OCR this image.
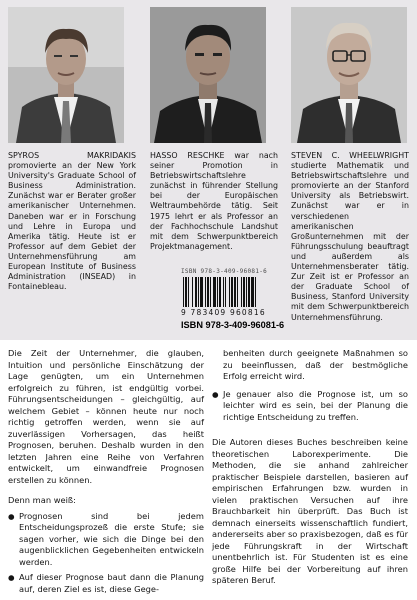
SPYROS MAKRIDAKIS promovierte an der New York University's Graduate School of Business Administration. Zunächst war er Berater großer amerikanischer Unternehmen. Daneben war er in Forschung und Lehre in Europa und Amerika tätig. Heute ist er Professor auf dem Gebiet der Unternehmensführung am European Institute of Business Administration (INSEAD) in Fontainebleau.
HASSO RESCHKE war nach seiner Promotion in Betriebswirtschaftslehre zunächst in führender Stellung bei der Europäischen Weltraumbehörde tätig. Seit 1975 lehrt er als Professor an der Fachhochschule Landshut mit dem Schwerpunktbereich Projektmanagement.
STEVEN C. WHEELWRIGHT studierte Mathematik und Betriebswirtschaftslehre und promovierte an der Stanford University als Betriebswirt. Zunächst war er in verschiedenen amerikanischen Großunternehmen mit der Führungsschulung beauftragt und außerdem als Unternehmensberater tätig. Zur Zeit ist er Professor an der Graduate School of Business, Stanford University mit dem Schwerpunktbereich Unternehmensführung.
ISBN 978-3-409-96081-6
9 783409 960816
ISBN 978-3-409-96081-6

Die Zeit der Unternehmer, die glauben, Intuition und persönliche Einschätzung der Lage genügten, um ein Unternehmen erfolgreich zu führen, ist endgültig vorbei. Führungsentscheidungen – gleichgültig, auf welchem Gebiet – können heute nur noch richtig getroffen werden, wenn sie auf zuverlässigen Vorhersagen, das heißt Prognosen, beruhen. Deshalb wurden in den letzten Jahren eine Reihe von Verfahren entwickelt, um einwandfreie Prognosen erstellen zu können.

Denn man weiß:

● Prognosen sind bei jedem Entscheidungsprozeß die erste Stufe; sie sagen vorher, wie sich die Dinge bei den augenblicklichen Gegebenheiten entwickeln werden.
● Auf dieser Prognose baut dann die Planung auf, deren Ziel es ist, diese Gege-

benheiten durch geeignete Maßnahmen so zu beeinflussen, daß der bestmögliche Erfolg erreicht wird.

● Je genauer also die Prognose ist, um so leichter wird es sein, bei der Planung die richtige Entscheidung zu treffen.

Die Autoren dieses Buches beschreiben keine theoretischen Laborexperimente. Die Methoden, die sie anhand zahlreicher praktischer Beispiele darstellen, basieren auf empirischen Erfahrungen bzw. wurden in vielen praktischen Versuchen auf ihre Brauchbarkeit hin überprüft. Das Buch ist demnach einerseits wissenschaftlich fundiert, andererseits aber so praxisbezogen, daß es für jede Führungskraft in der Wirtschaft unentbehrlich ist. Für Studenten ist es eine große Hilfe bei der Vorbereitung auf ihren späteren Beruf.
